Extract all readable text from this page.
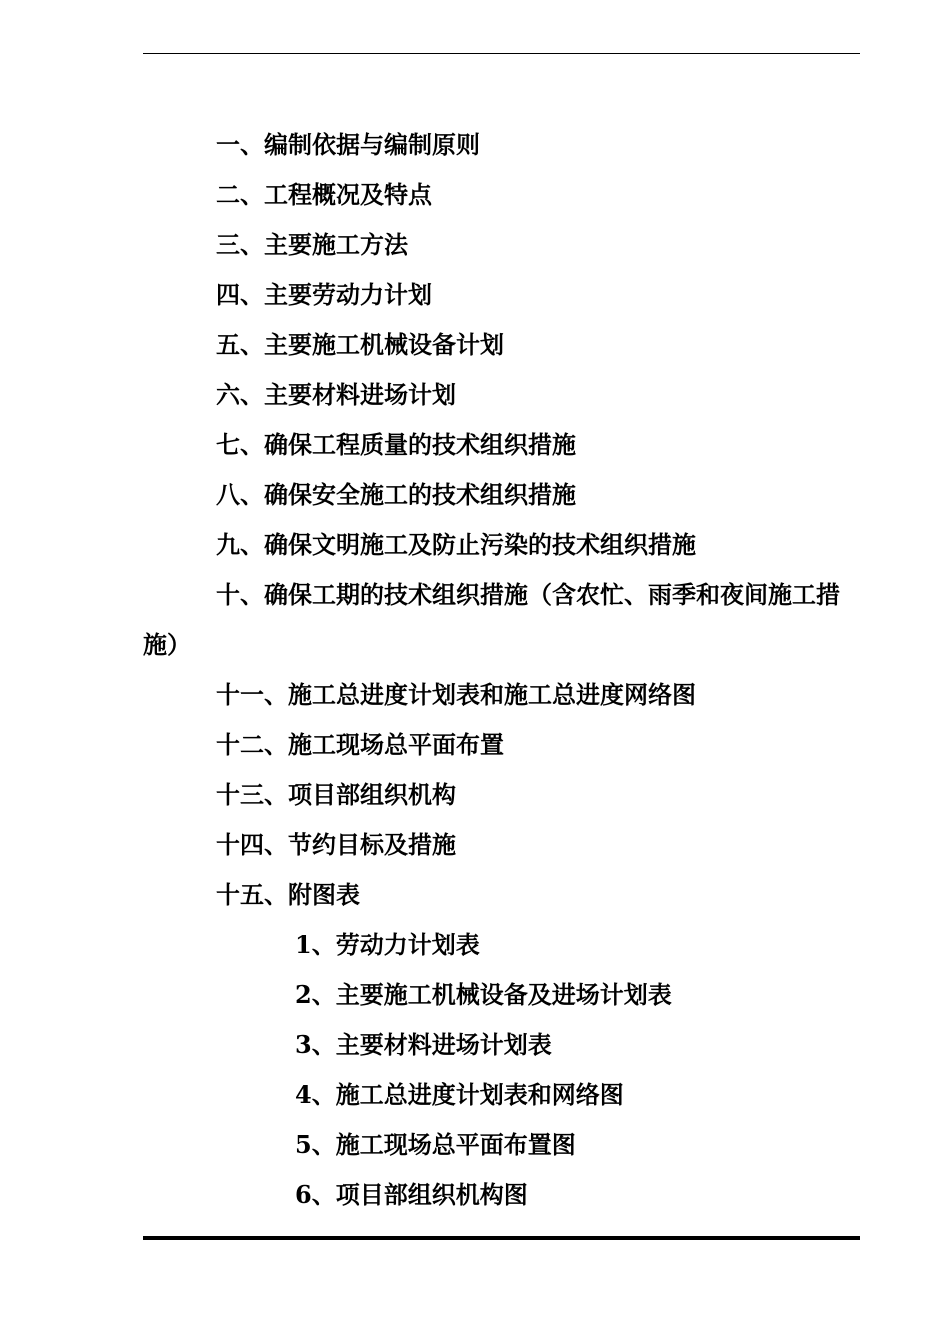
一、编制依据与编制原则
二、工程概况及特点
三、主要施工方法
四、主要劳动力计划
五、主要施工机械设备计划
六、主要材料进场计划
七、确保工程质量的技术组织措施
八、确保安全施工的技术组织措施
九、确保文明施工及防止污染的技术组织措施
十、确保工期的技术组织措施（含农忙、雨季和夜间施工措
施）
十一、施工总进度计划表和施工总进度网络图
十二、施工现场总平面布置
十三、项目部组织机构
十四、节约目标及措施
十五、附图表
1、劳动力计划表
2、主要施工机械设备及进场计划表
3、主要材料进场计划表
4、施工总进度计划表和网络图
5、施工现场总平面布置图
6、项目部组织机构图
